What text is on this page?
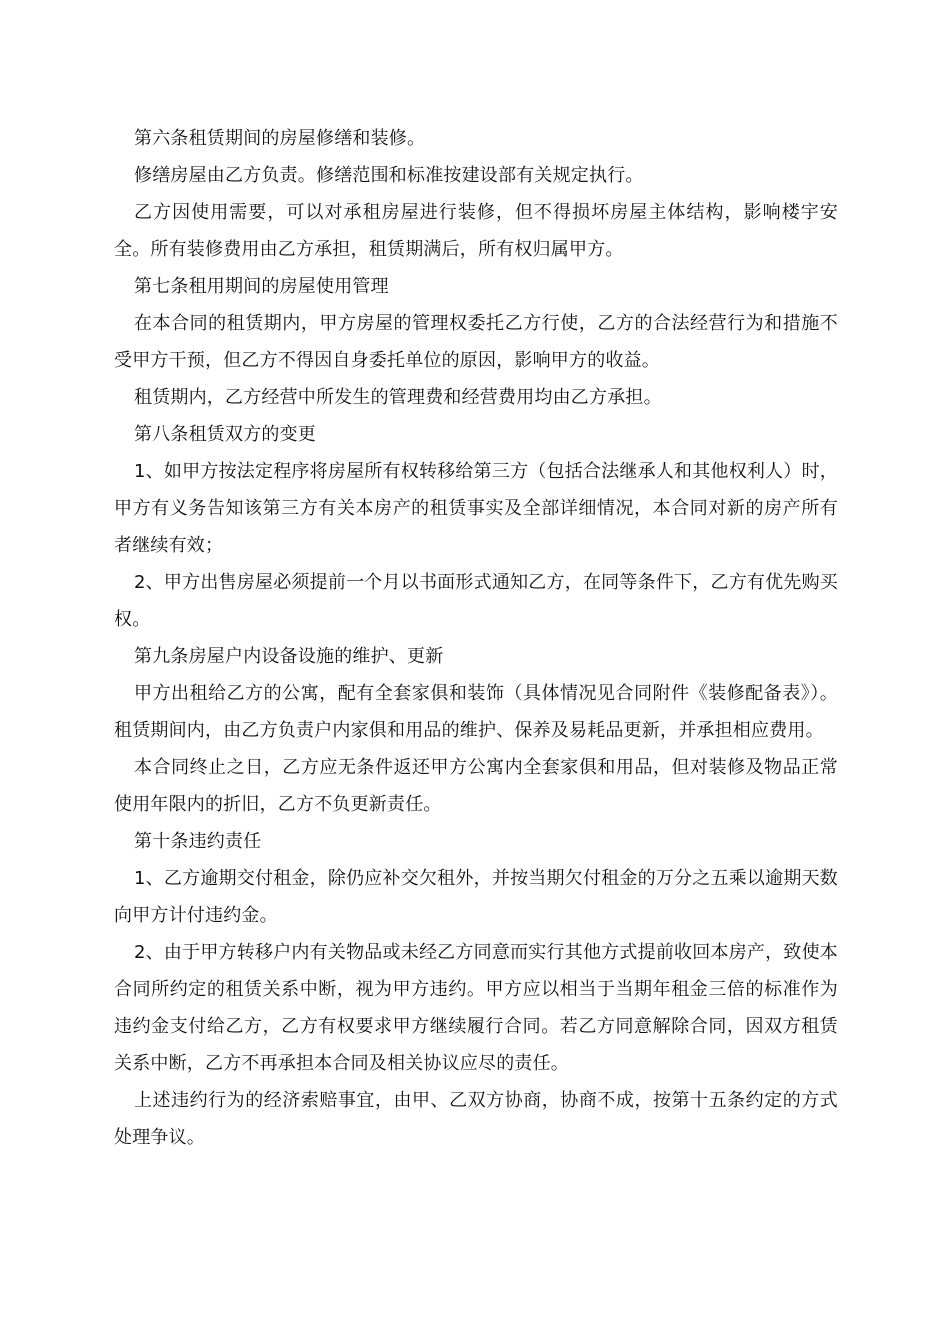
第六条租赁期间的房屋修缮和装修。

修缮房屋由乙方负责。修缮范围和标准按建设部有关规定执行。

乙方因使用需要，可以对承租房屋进行装修，但不得损坏房屋主体结构，影响楼宇安全。所有装修费用由乙方承担，租赁期满后，所有权归属甲方。

第七条租用期间的房屋使用管理

在本合同的租赁期内，甲方房屋的管理权委托乙方行使，乙方的合法经营行为和措施不受甲方干预，但乙方不得因自身委托单位的原因，影响甲方的收益。

租赁期内，乙方经营中所发生的管理费和经营费用均由乙方承担。

第八条租赁双方的变更

1、如甲方按法定程序将房屋所有权转移给第三方（包括合法继承人和其他权利人）时，甲方有义务告知该第三方有关本房产的租赁事实及全部详细情况，本合同对新的房产所有者继续有效；

2、甲方出售房屋必须提前一个月以书面形式通知乙方，在同等条件下，乙方有优先购买权。

第九条房屋户内设备设施的维护、更新

甲方出租给乙方的公寓，配有全套家俱和装饰（具体情况见合同附件《装修配备表》）。租赁期间内，由乙方负责户内家俱和用品的维护、保养及易耗品更新，并承担相应费用。

本合同终止之日，乙方应无条件返还甲方公寓内全套家俱和用品，但对装修及物品正常使用年限内的折旧，乙方不负更新责任。

第十条违约责任

1、乙方逾期交付租金，除仍应补交欠租外，并按当期欠付租金的万分之五乘以逾期天数向甲方计付违约金。

2、由于甲方转移户内有关物品或未经乙方同意而实行其他方式提前收回本房产，致使本合同所约定的租赁关系中断，视为甲方违约。甲方应以相当于当期年租金三倍的标准作为违约金支付给乙方，乙方有权要求甲方继续履行合同。若乙方同意解除合同，因双方租赁关系中断，乙方不再承担本合同及相关协议应尽的责任。

上述违约行为的经济索赔事宜，由甲、乙双方协商，协商不成，按第十五条约定的方式处理争议。
